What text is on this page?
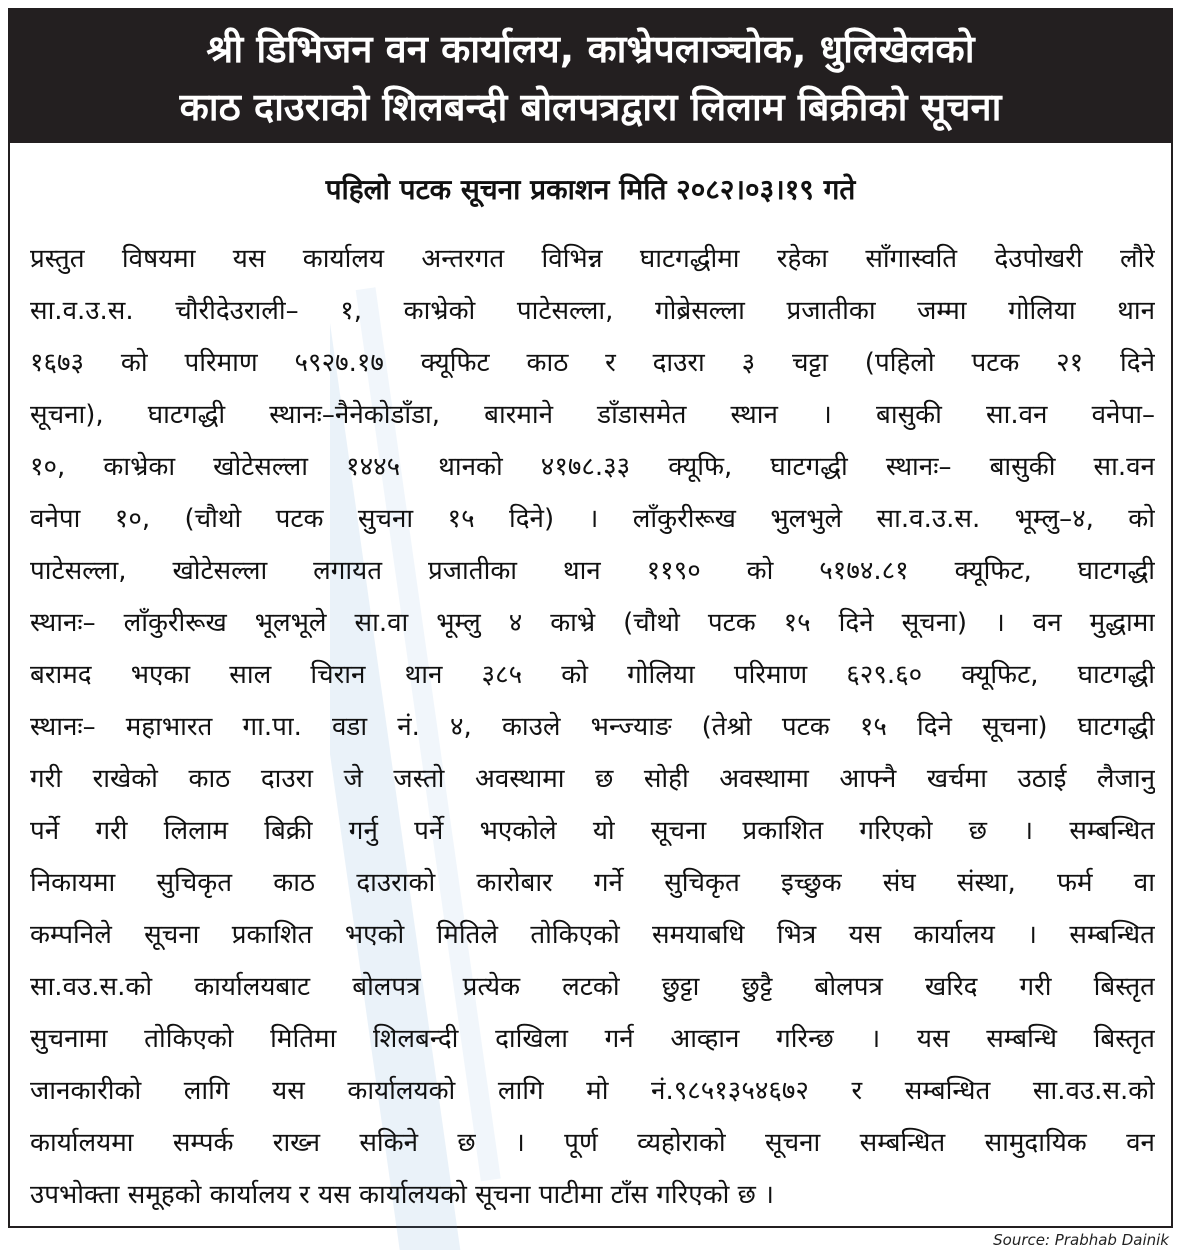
श्री डिभिजन वन कार्यालय, काभ्रेपलाञ्चोक, धुलिखेलको
काठ दाउराको शिलबन्दी बोलपत्रद्वारा लिलाम बिक्रीको सूचना
पहिलो पटक सूचना प्रकाशन मिति २०८२।०३।१९ गते
प्रस्तुत विषयमा यस कार्यालय अन्तरगत विभिन्न घाटगद्धीमा रहेका साँगास्वति देउपोखरी लौरे
सा.व.उ.स. चौरीदेउराली– १, काभ्रेको पाटेसल्ला, गोब्रेसल्ला प्रजातीका जम्मा गोलिया थान
१६७३ को परिमाण ५९२७.१७ क्यूफिट काठ र दाउरा ३ चट्टा (पहिलो पटक २१ दिने
सूचना), घाटगद्धी स्थानः–नैनेकोडाँडा, बारमाने डाँडासमेत स्थान । बासुकी सा.वन वनेपा–
१०, काभ्रेका खोटेसल्ला १४४५ थानको ४१७८.३३ क्यूफि, घाटगद्धी स्थानः– बासुकी सा.वन
वनेपा १०, (चौथो पटक सुचना १५ दिने) । लाँकुरीरूख भुलभुले सा.व.उ.स. भूम्लु–४, को
पाटेसल्ला, खोटेसल्ला लगायत प्रजातीका थान ११९० को ५१७४.८१ क्यूफिट, घाटगद्धी
स्थानः– लाँकुरीरूख भूलभूले सा.वा भूम्लु ४ काभ्रे (चौथो पटक १५ दिने सूचना) । वन मुद्धामा
बरामद भएका साल चिरान थान ३८५ को गोलिया परिमाण ६२९.६० क्यूफिट, घाटगद्धी
स्थानः– महाभारत गा.पा. वडा नं. ४, काउले भन्ज्याङ (तेश्रो पटक १५ दिने सूचना) घाटगद्धी
गरी राखेको काठ दाउरा जे जस्तो अवस्थामा छ सोही अवस्थामा आफ्नै खर्चमा उठाई लैजानु
पर्ने गरी लिलाम बिक्री गर्नु पर्ने भएकोले यो सूचना प्रकाशित गरिएको छ । सम्बन्धित
निकायमा सुचिकृत काठ दाउराको कारोबार गर्ने सुचिकृत इच्छुक संघ संस्था, फर्म वा
कम्पनिले सूचना प्रकाशित भएको मितिले तोकिएको समयाबधि भित्र यस कार्यालय । सम्बन्धित
सा.वउ.स.को कार्यालयबाट बोलपत्र प्रत्येक लटको छुट्टा छुट्टै बोलपत्र खरिद गरी बिस्तृत
सुचनामा तोकिएको मितिमा शिलबन्दी दाखिला गर्न आव्हान गरिन्छ । यस सम्बन्धि बिस्तृत
जानकारीको लागि यस कार्यालयको लागि मो नं.९८५१३५४६७२ र सम्बन्धित सा.वउ.स.को
कार्यालयमा सम्पर्क राख्न सकिने छ । पूर्ण व्यहोराको सूचना सम्बन्धित सामुदायिक वन
उपभोक्ता समूहको कार्यालय र यस कार्यालयको सूचना पाटीमा टाँस गरिएको छ ।
Source: Prabhab Dainik
